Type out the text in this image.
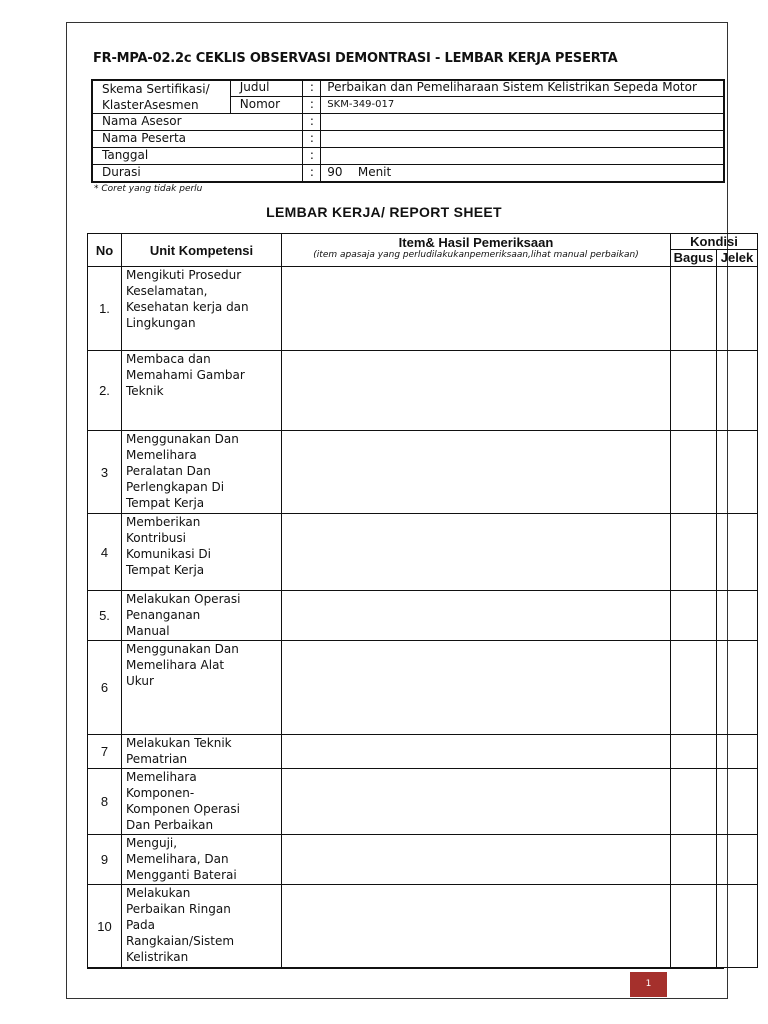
FR-MPA-02.2c CEKLIS OBSERVASI DEMONTRASI - LEMBAR KERJA PESERTA
Skema Sertifikasi/
KlasterAsesmen	Judul	:	Perbaikan dan Pemeliharaan Sistem Kelistrikan Sepeda Motor
	Nomor	:	SKM-349-017
Nama Asesor		:	
Nama Peserta		:	
Tanggal		:	
Durasi		:	90 Menit
* Coret yang tidak perlu
LEMBAR KERJA/ REPORT SHEET
No	Unit Kompetensi	Item& Hasil Pemeriksaan
(item apasaja yang perludilakukanpemeriksaan,lihat manual perbaikan)	Kondisi	
			Bagus	Jelek
1.	Mengikuti Prosedur
Keselamatan,
Kesehatan kerja dan
Lingkungan			

2.	Membaca dan
Memahami Gambar
Teknik			

3	Menggunakan Dan
Memelihara
Peralatan Dan
Perlengkapan Di
Tempat Kerja			

4	Memberikan
Kontribusi
Komunikasi Di
Tempat Kerja			

5.	Melakukan Operasi
Penanganan
Manual			

6	Menggunakan Dan
Memelihara Alat
Ukur			

7	Melakukan Teknik
Pematrian			

8	Memelihara
Komponen-
Komponen Operasi
Dan Perbaikan			

9	Menguji,
Memelihara, Dan
Mengganti Baterai			

10	Melakukan
Perbaikan Ringan
Pada
Rangkaian/Sistem
Kelistrikan			

1
